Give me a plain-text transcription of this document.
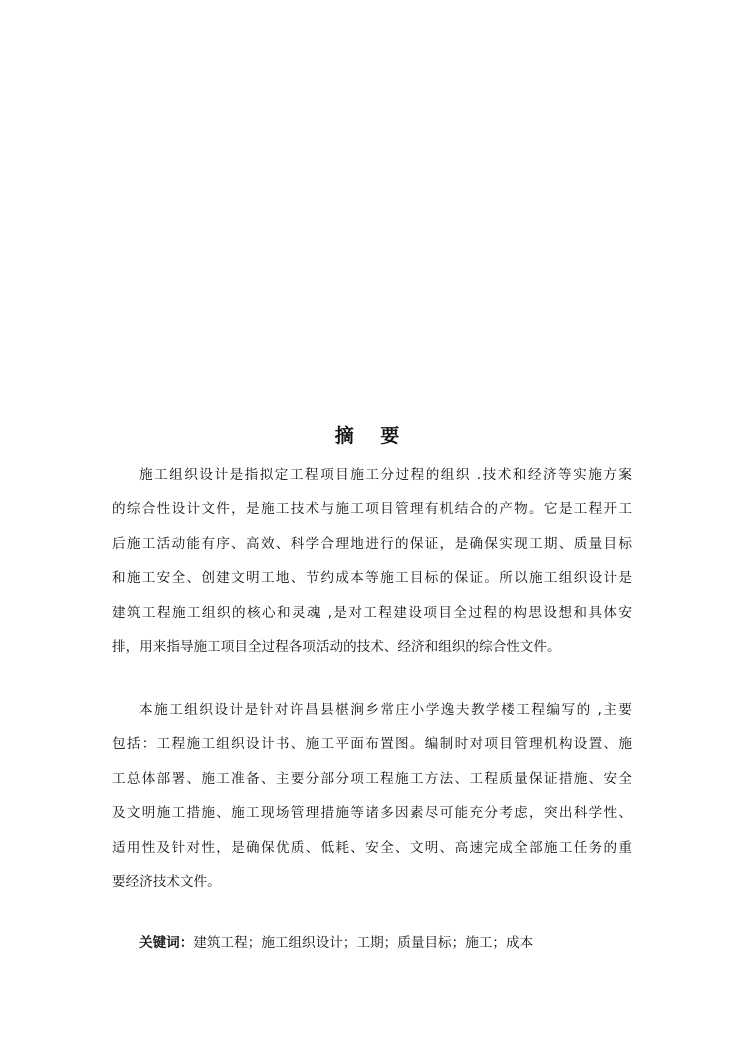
摘 要
施工组织设计是指拟定工程项目施工分过程的组织 .技术和经济等实施方案
的综合性设计文件，是施工技术与施工项目管理有机结合的产物。它是工程开工
后施工活动能有序、高效、科学合理地进行的保证，是确保实现工期、质量目标
和施工安全、创建文明工地、节约成本等施工目标的保证。所以施工组织设计是
建筑工程施工组织的核心和灵魂 ,是对工程建设项目全过程的构思设想和具体安
排，用来指导施工项目全过程各项活动的技术、经济和组织的综合性文件。
本施工组织设计是针对许昌县椹涧乡常庄小学逸夫教学楼工程编写的 ,主要
包括：工程施工组织设计书、施工平面布置图。编制时对项目管理机构设置、施
工总体部署、施工准备、主要分部分项工程施工方法、工程质量保证措施、安全
及文明施工措施、施工现场管理措施等诸多因素尽可能充分考虑，突出科学性、
适用性及针对性，是确保优质、低耗、安全、文明、高速完成全部施工任务的重
要经济技术文件。
关键词：建筑工程；施工组织设计；工期；质量目标；施工；成本
